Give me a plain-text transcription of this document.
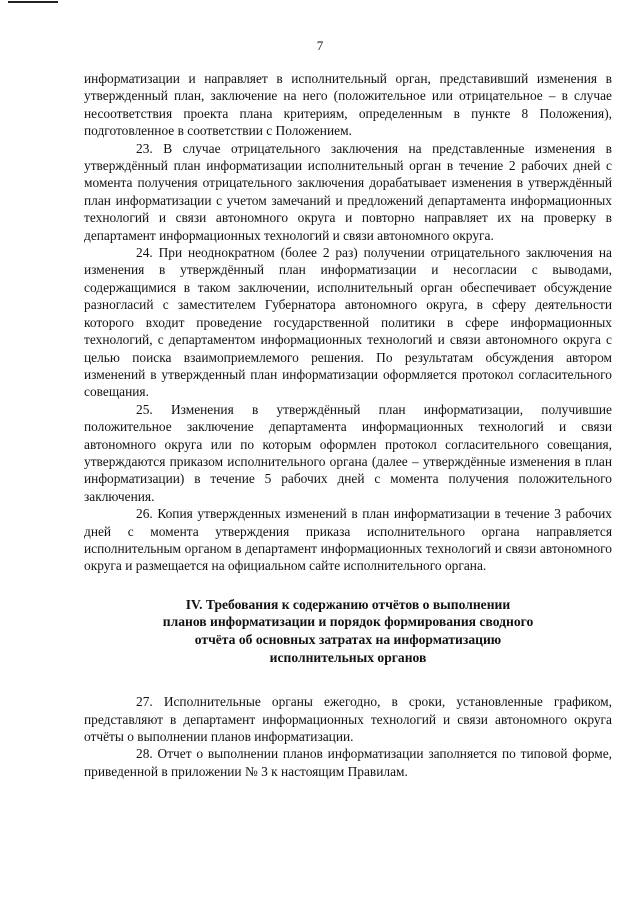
7

информатизации и направляет в исполнительный орган, представивший изменения в утвержденный план, заключение на него (положительное или отрицательное – в случае несоответствия проекта плана критериям, определенным в пункте 8 Положения), подготовленное в соответствии с Положением.

23. В случае отрицательного заключения на представленные изменения в утверждённый план информатизации исполнительный орган в течение 2 рабочих дней с момента получения отрицательного заключения дорабатывает изменения в утверждённый план информатизации с учетом замечаний и предложений департамента информационных технологий и связи автономного округа и повторно направляет их на проверку в департамент информационных технологий и связи автономного округа.

24. При неоднократном (более 2 раз) получении отрицательного заключения на изменения в утверждённый план информатизации и несогласии с выводами, содержащимися в таком заключении, исполнительный орган обеспечивает обсуждение разногласий с заместителем Губернатора автономного округа, в сферу деятельности которого входит проведение государственной политики в сфере информационных технологий, с департаментом информационных технологий и связи автономного округа с целью поиска взаимоприемлемого решения. По результатам обсуждения автором изменений в утвержденный план информатизации оформляется протокол согласительного совещания.

25. Изменения в утверждённый план информатизации, получившие положительное заключение департамента информационных технологий и связи автономного округа или по которым оформлен протокол согласительного совещания, утверждаются приказом исполнительного органа (далее – утверждённые изменения в план информатизации) в течение 5 рабочих дней с момента получения положительного заключения.

26. Копия утвержденных изменений в план информатизации в течение 3 рабочих дней с момента утверждения приказа исполнительного органа направляется исполнительным органом в департамент информационных технологий и связи автономного округа и размещается на официальном сайте исполнительного органа.

IV. Требования к содержанию отчётов о выполнении
планов информатизации и порядок формирования сводного
отчёта об основных затратах на информатизацию
исполнительных органов

27. Исполнительные органы ежегодно, в сроки, установленные графиком, представляют в департамент информационных технологий и связи автономного округа отчёты о выполнении планов информатизации.

28. Отчет о выполнении планов информатизации заполняется по типовой форме, приведенной в приложении № 3 к настоящим Правилам.
